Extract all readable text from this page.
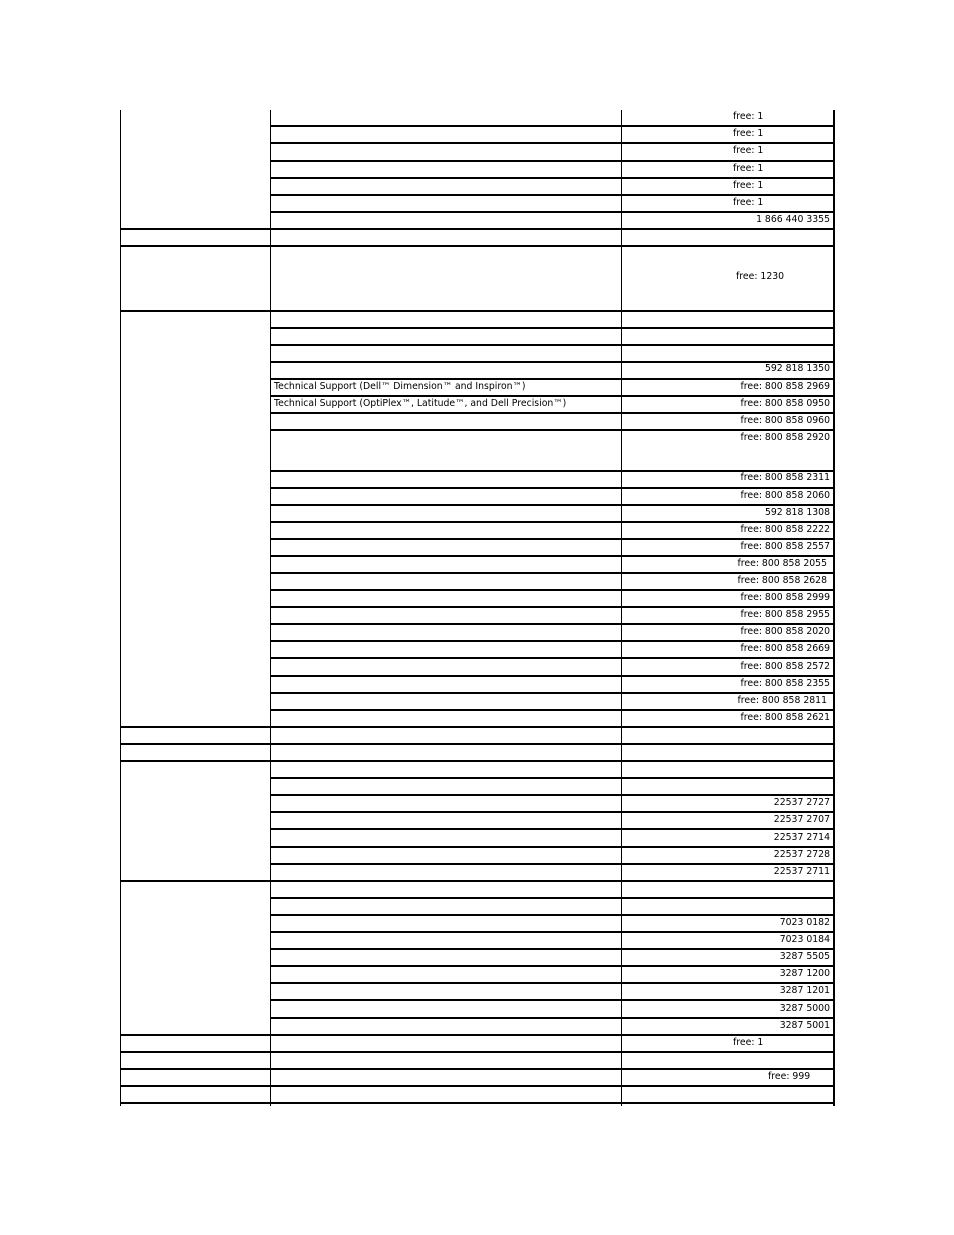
free: 1
free: 1
free: 1
free: 1
free: 1
free: 1
1 866 440 3355
free: 1230
592 818 1350
Technical Support (Dell™ Dimension™ and Inspiron™)	free: 800 858 2969
Technical Support (OptiPlex™, Latitude™, and Dell Precision™)	free: 800 858 0950
free: 800 858 0960
free: 800 858 2920
free: 800 858 2311
free: 800 858 2060
592 818 1308
free: 800 858 2222
free: 800 858 2557
free: 800 858 2055
free: 800 858 2628
free: 800 858 2999
free: 800 858 2955
free: 800 858 2020
free: 800 858 2669
free: 800 858 2572
free: 800 858 2355
free: 800 858 2811
free: 800 858 2621
22537 2727
22537 2707
22537 2714
22537 2728
22537 2711
7023 0182
7023 0184
3287 5505
3287 1200
3287 1201
3287 5000
3287 5001
free: 1
free: 999
